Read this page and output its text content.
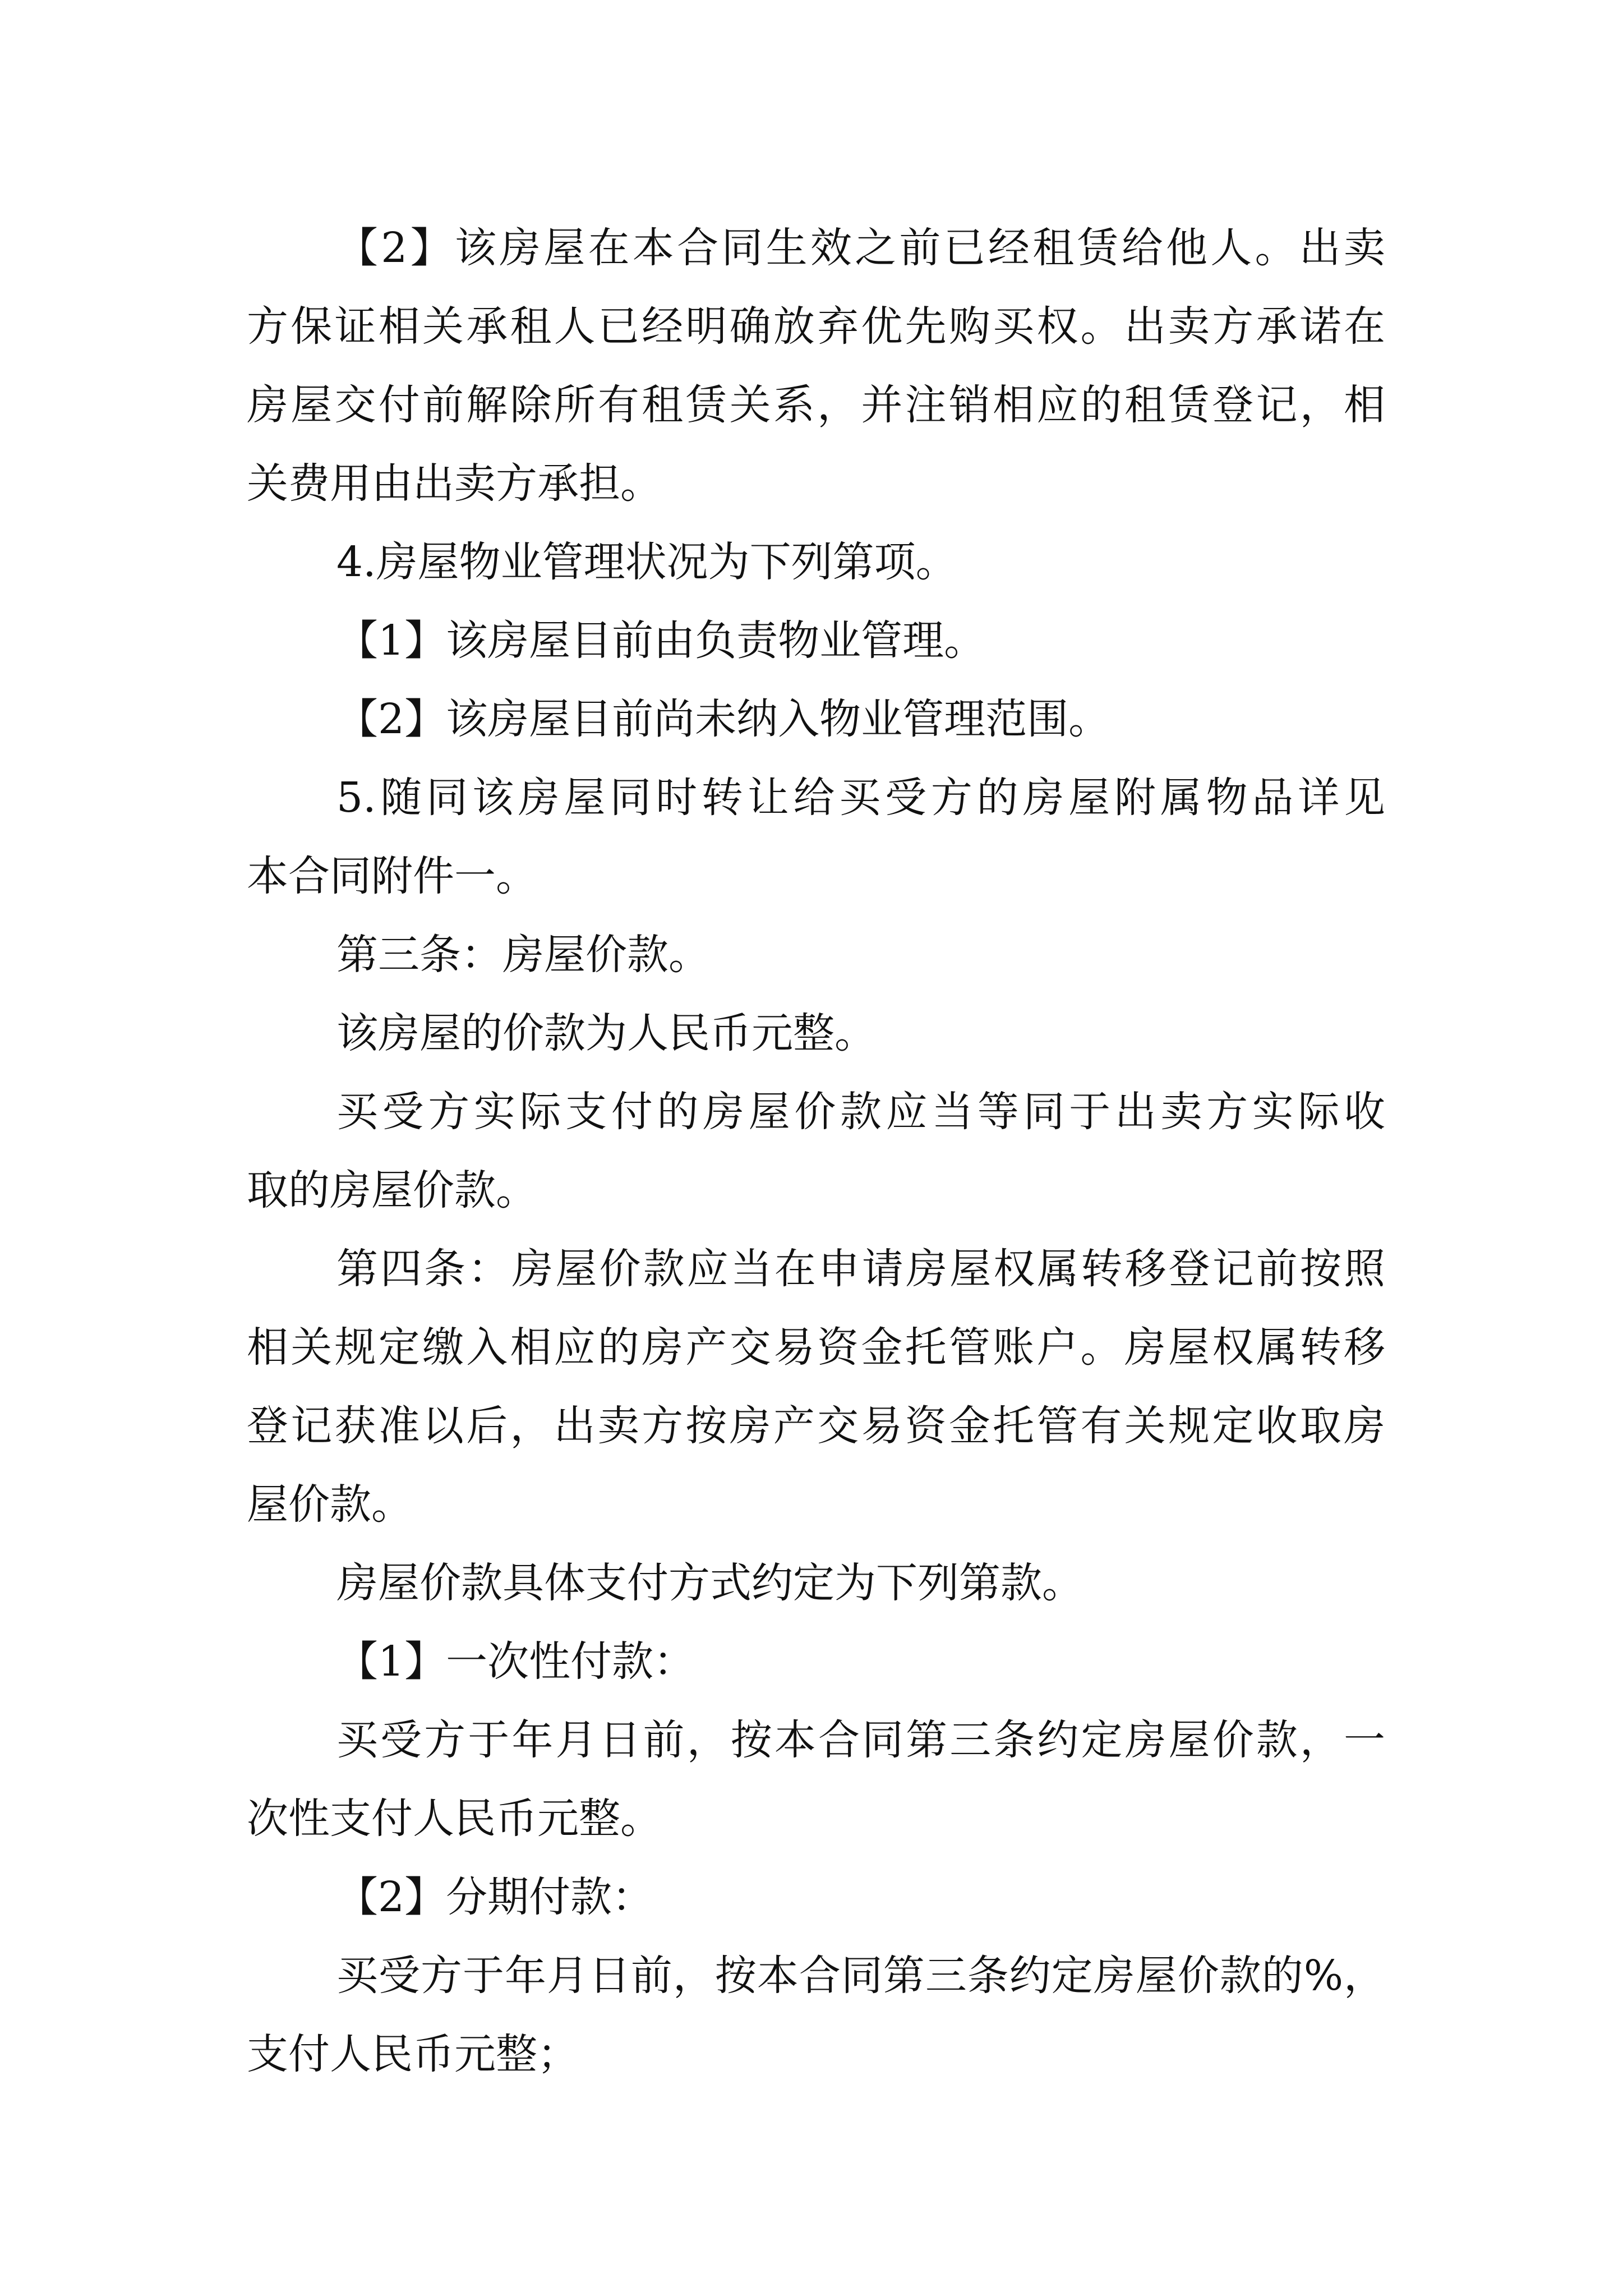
【2】该房屋在本合同生效之前已经租赁给他人。出卖

方保证相关承租人已经明确放弃优先购买权。出卖方承诺在

房屋交付前解除所有租赁关系，并注销相应的租赁登记，相

关费用由出卖方承担。

4.房屋物业管理状况为下列第项。

【1】该房屋目前由负责物业管理。

【2】该房屋目前尚未纳入物业管理范围。

5.随同该房屋同时转让给买受方的房屋附属物品详见

本合同附件一。

第三条：房屋价款。

该房屋的价款为人民币元整。

买受方实际支付的房屋价款应当等同于出卖方实际收

取的房屋价款。

第四条：房屋价款应当在申请房屋权属转移登记前按照

相关规定缴入相应的房产交易资金托管账户。房屋权属转移

登记获准以后，出卖方按房产交易资金托管有关规定收取房

屋价款。

房屋价款具体支付方式约定为下列第款。

【1】一次性付款：

买受方于年月日前，按本合同第三条约定房屋价款，一

次性支付人民币元整。

【2】分期付款：

买受方于年月日前，按本合同第三条约定房屋价款的%，

支付人民币元整；
